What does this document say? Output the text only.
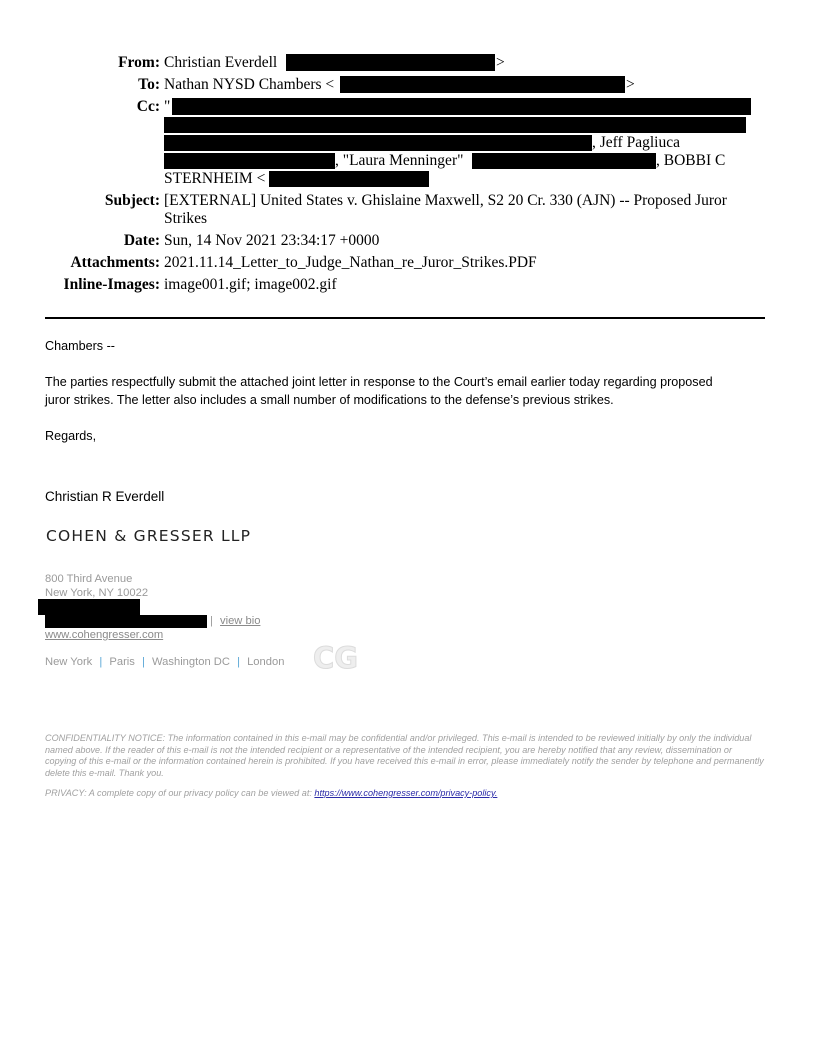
From: Christian Everdell	>
To: Nathan NYSD Chambers <	>
Cc: "
, Jeff Pagliuca
, "Laura Menninger"	, BOBBI C
STERNHEIM <
Subject: [EXTERNAL] United States v. Ghislaine Maxwell, S2 20 Cr. 330 (AJN) -- Proposed Juror
Strikes
Date: Sun, 14 Nov 2021 23:34:17 +0000
Attachments: 2021.11.14_Letter_to_Judge_Nathan_re_Juror_Strikes.PDF
Inline-Images: image001.gif; image002.gif
Chambers --
The parties respectfully submit the attached joint letter in response to the Court’s email earlier today regarding proposed
juror strikes. The letter also includes a small number of modifications to the defense’s previous strikes.
Regards,
Christian R Everdell
COHEN & GRESSER LLP
800 Third Avenue
New York, NY 10022
| view bio
www.cohengresser.com
New York | Paris | Washington DC | London CG
CONFIDENTIALITY NOTICE: The information contained in this e-mail may be confidential and/or privileged. This e-mail is intended to be reviewed initially by only the individual named above. If the reader of this e-mail is not the intended recipient or a representative of the intended recipient, you are hereby notified that any review, dissemination or copying of this e-mail or the information contained herein is prohibited. If you have received this e-mail in error, please immediately notify the sender by telephone and permanently delete this e-mail. Thank you.
PRIVACY: A complete copy of our privacy policy can be viewed at: https://www.cohengresser.com/privacy-policy.
